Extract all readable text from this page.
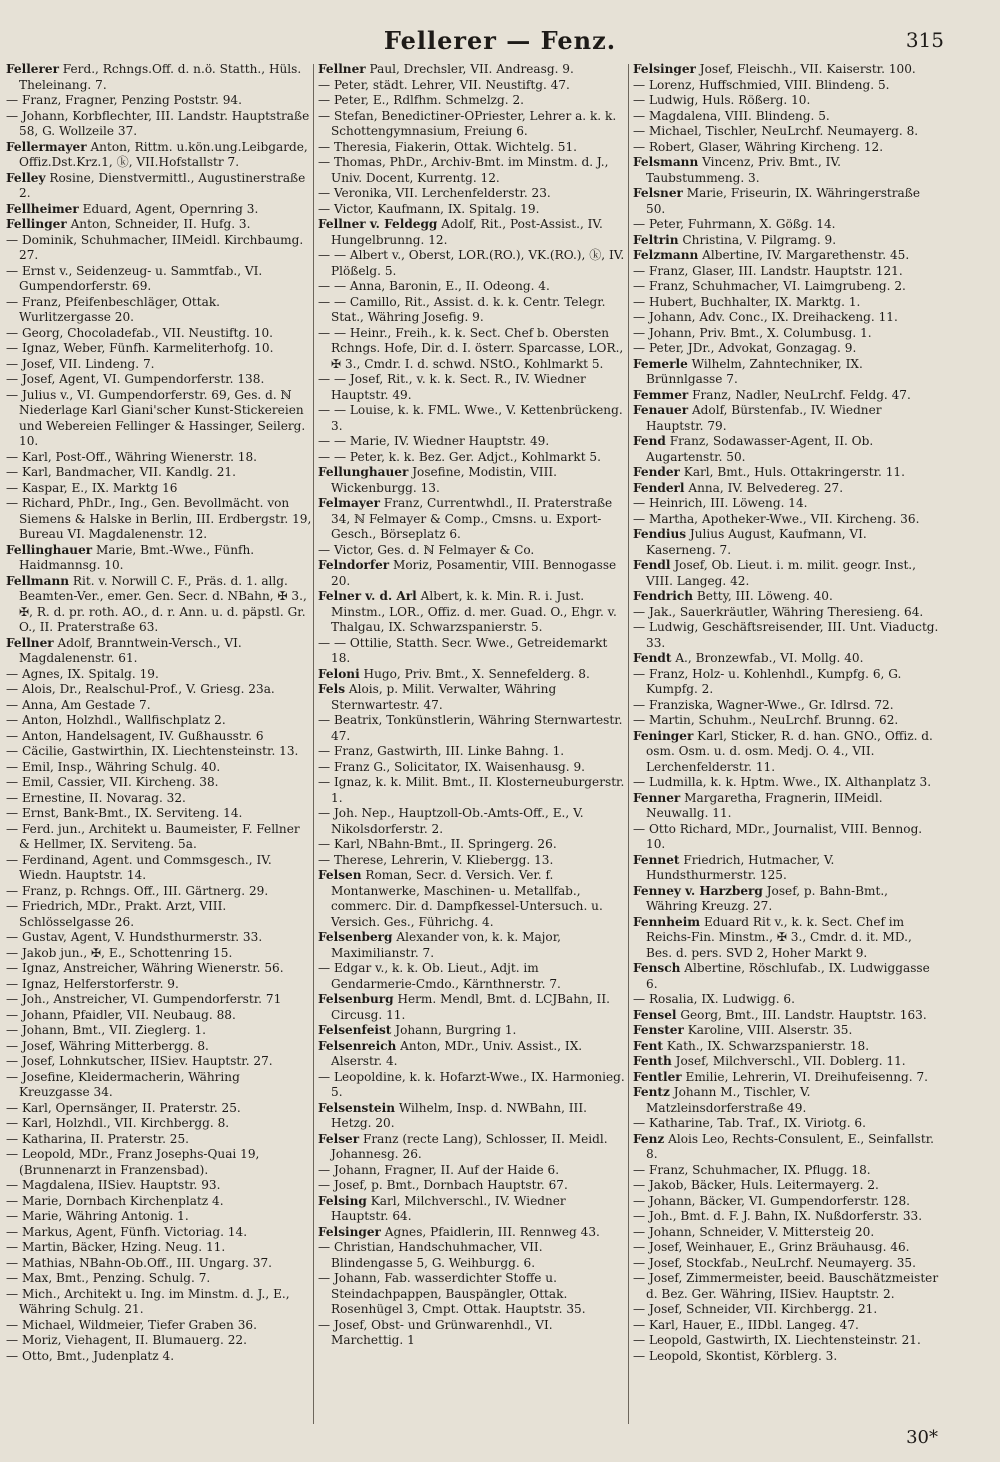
Fellerer — Fenz.	315

Fellerer Ferd., Rchngs.Off. d. n.ö. Statth., Hüls. Theleinang. 7.

— Franz, Fragner, Penzing Poststr. 94.

— Johann, Korbflechter, III. Landstr. Hauptstraße 58, G. Wollzeile 37.

Fellermayer Anton, Rittm. u.kön.ung.Leibgarde, Offiz.Dst.Krz.1, ⓚ, VII.Hofstallstr 7.

Felley Rosine, Dienstvermittl., Augustinerstraße 2.

Fellheimer Eduard, Agent, Opernring 3.

Fellinger Anton, Schneider, II. Hufg. 3.

— Dominik, Schuhmacher, IIMeidl. Kirchbaumg. 27.

— Ernst v., Seidenzeug- u. Sammtfab., VI. Gumpendorferstr. 69.

— Franz, Pfeifenbeschläger, Ottak. Wurlitzergasse 20.

— Georg, Chocoladefab., VII. Neustiftg. 10.

— Ignaz, Weber, Fünfh. Karmeliterhofg. 10.

— Josef, VII. Lindeng. 7.

— Josef, Agent, VI. Gumpendorferstr. 138.

— Julius v., VI. Gumpendorferstr. 69, Ges. d. ℕ Niederlage Karl Giani'scher Kunst-Stickereien und Webereien Fellinger & Hassinger, Seilerg. 10.

— Karl, Post-Off., Währing Wienerstr. 18.

— Karl, Bandmacher, VII. Kandlg. 21.

— Kaspar, E., IX. Marktg 16

— Richard, PhDr., Ing., Gen. Bevollmächt. von Siemens & Halske in Berlin, III. Erdbergstr. 19, Bureau VI. Magdalenenstr. 12.

Fellinghauer Marie, Bmt.-Wwe., Fünfh. Haidmannsg. 10.

Fellmann Rit. v. Norwill C. F., Präs. d. 1. allg. Beamten-Ver., emer. Gen. Secr. d. NBahn, ✠ 3., ✠, R. d. pr. roth. AO., d. r. Ann. u. d. päpstl. Gr. O., II. Praterstraße 63.

Fellner Adolf, Branntwein-Versch., VI. Magdalenenstr. 61.

— Agnes, IX. Spitalg. 19.

— Alois, Dr., Realschul-Prof., V. Griesg. 23a.

— Anna, Am Gestade 7.

— Anton, Holzhdl., Wallfischplatz 2.

— Anton, Handelsagent, IV. Gußhausstr. 6

— Cäcilie, Gastwirthin, IX. Liechtensteinstr. 13.

— Emil, Insp., Währing Schulg. 40.

— Emil, Cassier, VII. Kircheng. 38.

— Ernestine, II. Novarag. 32.

— Ernst, Bank-Bmt., IX. Serviteng. 14.

— Ferd. jun., Architekt u. Baumeister, F. Fellner & Hellmer, IX. Serviteng. 5a.

— Ferdinand, Agent. und Commsgesch., IV. Wiedn. Hauptstr. 14.

— Franz, p. Rchngs. Off., III. Gärtnerg. 29.

— Friedrich, MDr., Prakt. Arzt, VIII. Schlösselgasse 26.

— Gustav, Agent, V. Hundsthurmerstr. 33.

— Jakob jun., ✠, E., Schottenring 15.

— Ignaz, Anstreicher, Währing Wienerstr. 56.

— Ignaz, Helferstorferstr. 9.

— Joh., Anstreicher, VI. Gumpendorferstr. 71

— Johann, Pfaidler, VII. Neubaug. 88.

— Johann, Bmt., VII. Zieglerg. 1.

— Josef, Währing Mitterbergg. 8.

— Josef, Lohnkutscher, IISiev. Hauptstr. 27.

— Josefine, Kleidermacherin, Währing Kreuzgasse 34.

— Karl, Opernsänger, II. Praterstr. 25.

— Karl, Holzhdl., VII. Kirchbergg. 8.

— Katharina, II. Praterstr. 25.

— Leopold, MDr., Franz Josephs-Quai 19, (Brunnenarzt in Franzensbad).

— Magdalena, IISiev. Hauptstr. 93.

— Marie, Dornbach Kirchenplatz 4.

— Marie, Währing Antonig. 1.

— Markus, Agent, Fünfh. Victoriag. 14.

— Martin, Bäcker, Hzing. Neug. 11.

— Mathias, NBahn-Ob.Off., III. Ungarg. 37.

— Max, Bmt., Penzing. Schulg. 7.

— Mich., Architekt u. Ing. im Minstm. d. J., E., Währing Schulg. 21.

— Michael, Wildmeier, Tiefer Graben 36.

— Moriz, Viehagent, II. Blumauerg. 22.

— Otto, Bmt., Judenplatz 4.

Fellner Paul, Drechsler, VII. Andreasg. 9.

— Peter, städt. Lehrer, VII. Neustiftg. 47.

— Peter, E., Rdlfhm. Schmelzg. 2.

— Stefan, Benedictiner-OPriester, Lehrer a. k. k. Schottengymnasium, Freiung 6.

— Theresia, Fiakerin, Ottak. Wichtelg. 51.

— Thomas, PhDr., Archiv-Bmt. im Minstm. d. J., Univ. Docent, Kurrentg. 12.

— Veronika, VII. Lerchenfelderstr. 23.

— Victor, Kaufmann, IX. Spitalg. 19.

Fellner v. Feldegg Adolf, Rit., Post-Assist., IV. Hungelbrunng. 12.

— — Albert v., Oberst, LOR.(RO.), VK.(RO.), ⓚ, IV. Plößelg. 5.

— — Anna, Baronin, E., II. Odeong. 4.

— — Camillo, Rit., Assist. d. k. k. Centr. Telegr. Stat., Währing Josefig. 9.

— — Heinr., Freih., k. k. Sect. Chef b. Obersten Rchngs. Hofe, Dir. d. I. österr. Sparcasse, LOR., ✠ 3., Cmdr. I. d. schwd. NStO., Kohlmarkt 5.

— — Josef, Rit., v. k. k. Sect. R., IV. Wiedner Hauptstr. 49.

— — Louise, k. k. FML. Wwe., V. Kettenbrückeng. 3.

— — Marie, IV. Wiedner Hauptstr. 49.

— — Peter, k. k. Bez. Ger. Adjct., Kohlmarkt 5.

Fellunghauer Josefine, Modistin, VIII. Wickenburgg. 13.

Felmayer Franz, Currentwhdl., II. Praterstraße 34, ℕ Felmayer & Comp., Cmsns. u. Export-Gesch., Börseplatz 6.

— Victor, Ges. d. ℕ Felmayer & Co.

Felndorfer Moriz, Posamentir, VIII. Bennogasse 20.

Felner v. d. Arl Albert, k. k. Min. R. i. Just. Minstm., LOR., Offiz. d. mer. Guad. O., Ehgr. v. Thalgau, IX. Schwarzspanierstr. 5.

— — Ottilie, Statth. Secr. Wwe., Getreidemarkt 18.

Feloni Hugo, Priv. Bmt., X. Sennefelderg. 8.

Fels Alois, p. Milit. Verwalter, Währing Sternwartestr. 47.

— Beatrix, Tonkünstlerin, Währing Sternwartestr. 47.

— Franz, Gastwirth, III. Linke Bahng. 1.

— Franz G., Solicitator, IX. Waisenhausg. 9.

— Ignaz, k. k. Milit. Bmt., II. Klosterneuburgerstr. 1.

— Joh. Nep., Hauptzoll-Ob.-Amts-Off., E., V. Nikolsdorferstr. 2.

— Karl, NBahn-Bmt., II. Springerg. 26.

— Therese, Lehrerin, V. Kliebergg. 13.

Felsen Roman, Secr. d. Versich. Ver. f. Montanwerke, Maschinen- u. Metallfab., commerc. Dir. d. Dampfkessel-Untersuch. u. Versich. Ges., Führichg. 4.

Felsenberg Alexander von, k. k. Major, Maximilianstr. 7.

— Edgar v., k. k. Ob. Lieut., Adjt. im Gendarmerie-Cmdo., Kärnthnerstr. 7.

Felsenburg Herm. Mendl, Bmt. d. LCJBahn, II. Circusg. 11.

Felsenfeist Johann, Burgring 1.

Felsenreich Anton, MDr., Univ. Assist., IX. Alserstr. 4.

— Leopoldine, k. k. Hofarzt-Wwe., IX. Harmonieg. 5.

Felsenstein Wilhelm, Insp. d. NWBahn, III. Hetzg. 20.

Felser Franz (recte Lang), Schlosser, II. Meidl. Johannesg. 26.

— Johann, Fragner, II. Auf der Haide 6.

— Josef, p. Bmt., Dornbach Hauptstr. 67.

Felsing Karl, Milchverschl., IV. Wiedner Hauptstr. 64.

Felsinger Agnes, Pfaidlerin, III. Rennweg 43.

— Christian, Handschuhmacher, VII. Blindengasse 5, G. Weihburgg. 6.

— Johann, Fab. wasserdichter Stoffe u. Steindachpappen, Bauspängler, Ottak. Rosenhügel 3, Cmpt. Ottak. Hauptstr. 35.

— Josef, Obst- und Grünwarenhdl., VI. Marchettig. 1

Felsinger Josef, Fleischh., VII. Kaiserstr. 100.

— Lorenz, Huffschmied, VIII. Blindeng. 5.

— Ludwig, Huls. Rößerg. 10.

— Magdalena, VIII. Blindeng. 5.

— Michael, Tischler, NeuLrchf. Neumayerg. 8.

— Robert, Glaser, Währing Kircheng. 12.

Felsmann Vincenz, Priv. Bmt., IV. Taubstummeng. 3.

Felsner Marie, Friseurin, IX. Währingerstraße 50.

— Peter, Fuhrmann, X. Gößg. 14.

Feltrin Christina, V. Pilgramg. 9.

Felzmann Albertine, IV. Margarethenstr. 45.

— Franz, Glaser, III. Landstr. Hauptstr. 121.

— Franz, Schuhmacher, VI. Laimgrubeng. 2.

— Hubert, Buchhalter, IX. Marktg. 1.

— Johann, Adv. Conc., IX. Dreihackeng. 11.

— Johann, Priv. Bmt., X. Columbusg. 1.

— Peter, JDr., Advokat, Gonzagag. 9.

Femerle Wilhelm, Zahntechniker, IX. Brünnlgasse 7.

Femmer Franz, Nadler, NeuLrchf. Feldg. 47.

Fenauer Adolf, Bürstenfab., IV. Wiedner Hauptstr. 79.

Fend Franz, Sodawasser-Agent, II. Ob. Augartenstr. 50.

Fender Karl, Bmt., Huls. Ottakringerstr. 11.

Fenderl Anna, IV. Belvedereg. 27.

— Heinrich, III. Löweng. 14.

— Martha, Apotheker-Wwe., VII. Kircheng. 36.

Fendius Julius August, Kaufmann, VI. Kaserneng. 7.

Fendl Josef, Ob. Lieut. i. m. milit. geogr. Inst., VIII. Langeg. 42.

Fendrich Betty, III. Löweng. 40.

— Jak., Sauerkräutler, Währing Theresieng. 64.

— Ludwig, Geschäftsreisender, III. Unt. Viaductg. 33.

Fendt A., Bronzewfab., VI. Mollg. 40.

— Franz, Holz- u. Kohlenhdl., Kumpfg. 6, G. Kumpfg. 2.

— Franziska, Wagner-Wwe., Gr. Idlrsd. 72.

— Martin, Schuhm., NeuLrchf. Brunng. 62.

Feninger Karl, Sticker, R. d. han. GNO., Offiz. d. osm. Osm. u. d. osm. Medj. O. 4., VII. Lerchenfelderstr. 11.

— Ludmilla, k. k. Hptm. Wwe., IX. Althanplatz 3.

Fenner Margaretha, Fragnerin, IIMeidl. Neuwallg. 11.

— Otto Richard, MDr., Journalist, VIII. Bennog. 10.

Fennet Friedrich, Hutmacher, V. Hundsthurmerstr. 125.

Fenney v. Harzberg Josef, p. Bahn-Bmt., Währing Kreuzg. 27.

Fennheim Eduard Rit v., k. k. Sect. Chef im Reichs-Fin. Minstm., ✠ 3., Cmdr. d. it. MD., Bes. d. pers. SVD 2, Hoher Markt 9.

Fensch Albertine, Röschlufab., IX. Ludwiggasse 6.

— Rosalia, IX. Ludwigg. 6.

Fensel Georg, Bmt., III. Landstr. Hauptstr. 163.

Fenster Karoline, VIII. Alserstr. 35.

Fent Kath., IX. Schwarzspanierstr. 18.

Fenth Josef, Milchverschl., VII. Doblerg. 11.

Fentler Emilie, Lehrerin, VI. Dreihufeisenng. 7.

Fentz Johann M., Tischler, V. Matzleinsdorferstraße 49.

— Katharine, Tab. Traf., IX. Viriotg. 6.

Fenz Alois Leo, Rechts-Consulent, E., Seinfallstr. 8.

— Franz, Schuhmacher, IX. Pflugg. 18.

— Jakob, Bäcker, Huls. Leitermayerg. 2.

— Johann, Bäcker, VI. Gumpendorferstr. 128.

— Joh., Bmt. d. F. J. Bahn, IX. Nußdorferstr. 33.

— Johann, Schneider, V. Mittersteig 20.

— Josef, Weinhauer, E., Grinz Bräuhausg. 46.

— Josef, Stockfab., NeuLrchf. Neumayerg. 35.

— Josef, Zimmermeister, beeid. Bauschätzmeister d. Bez. Ger. Währing, IISiev. Hauptstr. 2.

— Josef, Schneider, VII. Kirchbergg. 21.

— Karl, Hauer, E., IIDbl. Langeg. 47.

— Leopold, Gastwirth, IX. Liechtensteinstr. 21.

— Leopold, Skontist, Körblerg. 3.

30*
